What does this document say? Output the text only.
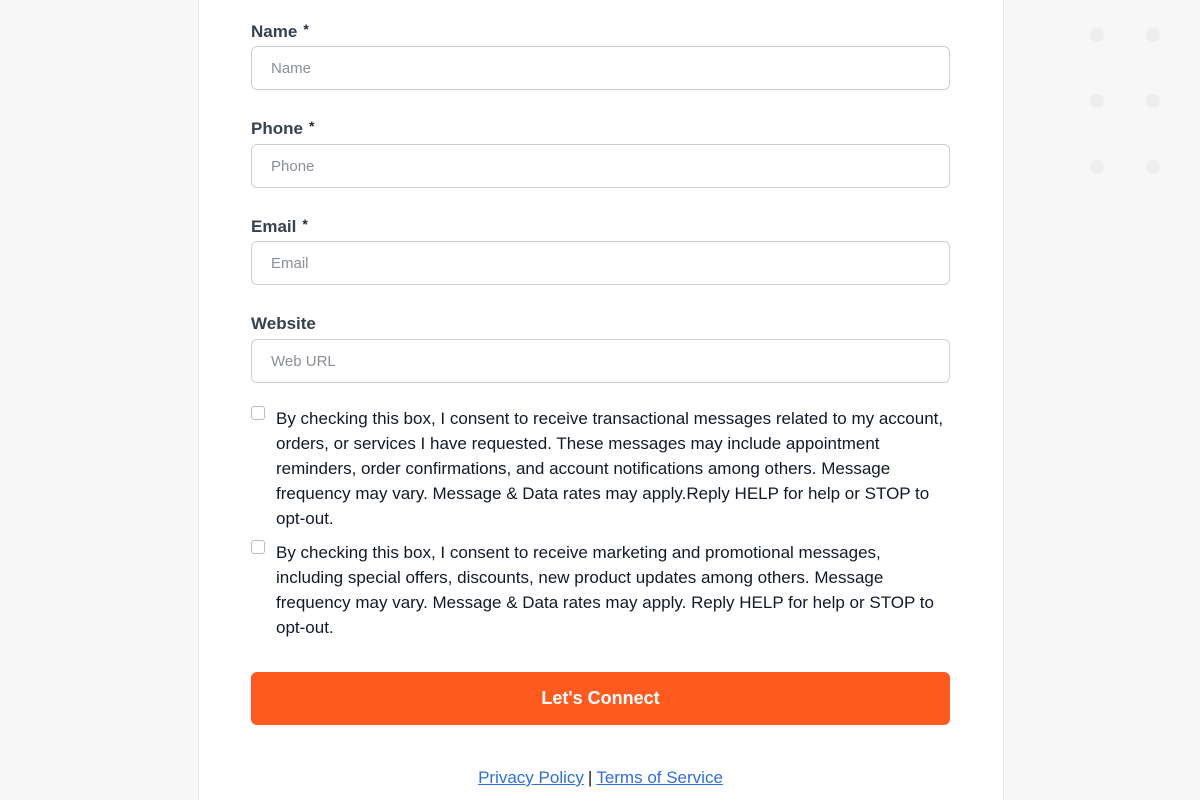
Name *
Name
Phone *
Phone
Email *
Email
Website
Web URL

By checking this box, I consent to receive transactional messages related to my account, orders, or services I have requested. These messages may include appointment reminders, order confirmations, and account notifications among others. Message frequency may vary. Message & Data rates may apply.Reply HELP for help or STOP to opt-out.

By checking this box, I consent to receive marketing and promotional messages, including special offers, discounts, new product updates among others. Message frequency may vary. Message & Data rates may apply. Reply HELP for help or STOP to opt-out.

Let's Connect
Privacy Policy | Terms of Service
